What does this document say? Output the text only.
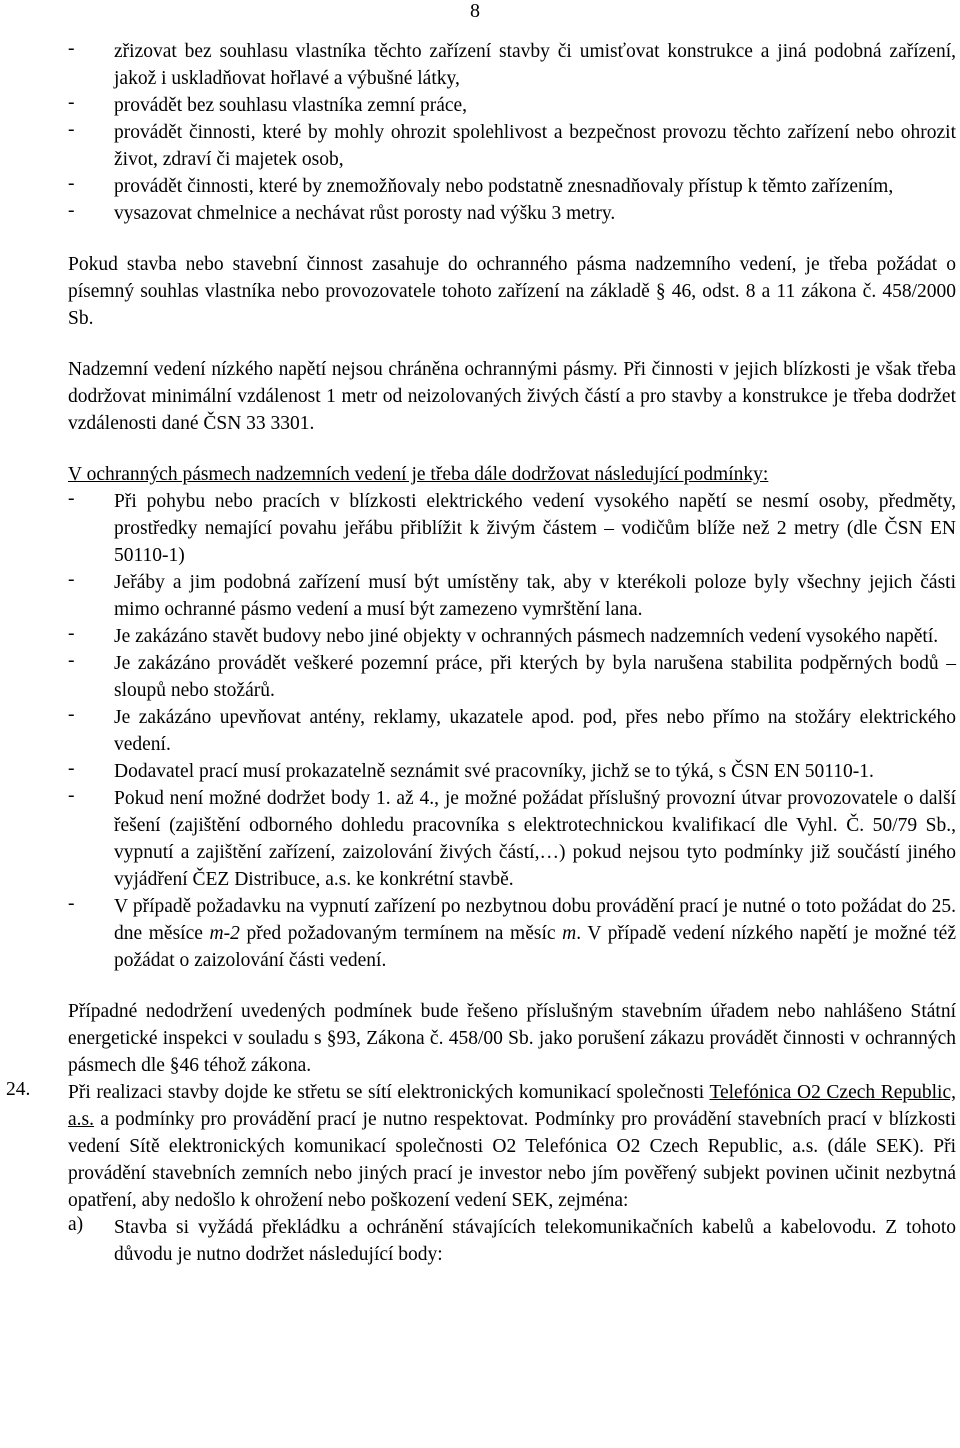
8
-	zřizovat bez souhlasu vlastníka těchto zařízení stavby či umisťovat konstrukce a jiná podobná zařízení, jakož i uskladňovat hořlavé a výbušné látky,
-	provádět bez souhlasu vlastníka zemní práce,
-	provádět činnosti, které by mohly ohrozit spolehlivost a bezpečnost provozu těchto zařízení nebo ohrozit život, zdraví či majetek osob,
-	provádět činnosti, které by znemožňovaly nebo podstatně znesnadňovaly přístup k těmto zařízením,
-	vysazovat chmelnice a nechávat růst porosty nad výšku 3 metry.

Pokud stavba nebo stavební činnost zasahuje do ochranného pásma nadzemního vedení, je třeba požádat o písemný souhlas vlastníka nebo provozovatele tohoto zařízení na základě § 46, odst. 8 a 11 zákona č. 458/2000 Sb.

Nadzemní vedení nízkého napětí nejsou chráněna ochrannými pásmy. Při činnosti v jejich blízkosti je však třeba dodržovat minimální vzdálenost 1 metr od neizolovaných živých částí a pro stavby a konstrukce je třeba dodržet vzdálenosti dané ČSN 33 3301.

V ochranných pásmech nadzemních vedení je třeba dále dodržovat následující podmínky:

-	Při pohybu nebo pracích v blízkosti elektrického vedení vysokého napětí se nesmí osoby, předměty, prostředky nemající povahu jeřábu přiblížit k živým částem – vodičům blíže než 2 metry (dle ČSN EN 50110-1)
-	Jeřáby a jim podobná zařízení musí být umístěny tak, aby v kterékoli poloze byly všechny jejich části mimo ochranné pásmo vedení a musí být zamezeno vymrštění lana.
-	Je zakázáno stavět budovy nebo jiné objekty v ochranných pásmech nadzemních vedení vysokého napětí.
-	Je zakázáno provádět veškeré pozemní práce, při kterých by byla narušena stabilita podpěrných bodů – sloupů nebo stožárů.
-	Je zakázáno upevňovat antény, reklamy, ukazatele apod. pod, přes nebo přímo na stožáry elektrického vedení.
-	Dodavatel prací musí prokazatelně seznámit své pracovníky, jichž se to týká, s ČSN EN 50110-1.
-	Pokud není možné dodržet body 1. až 4., je možné požádat příslušný provozní útvar provozovatele o další řešení (zajištění odborného dohledu pracovníka s elektrotechnickou kvalifikací dle Vyhl. Č. 50/79 Sb., vypnutí a zajištění zařízení, zaizolování živých částí,…) pokud nejsou tyto podmínky již součástí jiného vyjádření ČEZ Distribuce, a.s. ke konkrétní stavbě.
-	V případě požadavku na vypnutí zařízení po nezbytnou dobu provádění prací je nutné o toto požádat do 25. dne měsíce m-2 před požadovaným termínem na měsíc m. V případě vedení nízkého napětí je možné též požádat o zaizolování části vedení.

Případné nedodržení uvedených podmínek bude řešeno příslušným stavebním úřadem nebo nahlášeno Státní energetické inspekci v souladu s §93, Zákona č. 458/00 Sb. jako porušení zákazu provádět činnosti v ochranných pásmech dle §46 téhož zákona.

24. Při realizaci stavby dojde ke střetu se sítí elektronických komunikací společnosti Telefónica O2 Czech Republic, a.s. a podmínky pro provádění prací je nutno respektovat. Podmínky pro provádění stavebních prací v blízkosti vedení Sítě elektronických komunikací společnosti O2 Telefónica O2 Czech Republic, a.s. (dále SEK). Při provádění stavebních zemních nebo jiných prací je investor nebo jím pověřený subjekt povinen učinit nezbytná opatření, aby nedošlo k ohrožení nebo poškození vedení SEK, zejména:

a)	Stavba si vyžádá překládku a ochránění stávajících telekomunikačních kabelů a kabelovodu. Z tohoto důvodu je nutno dodržet následující body:
